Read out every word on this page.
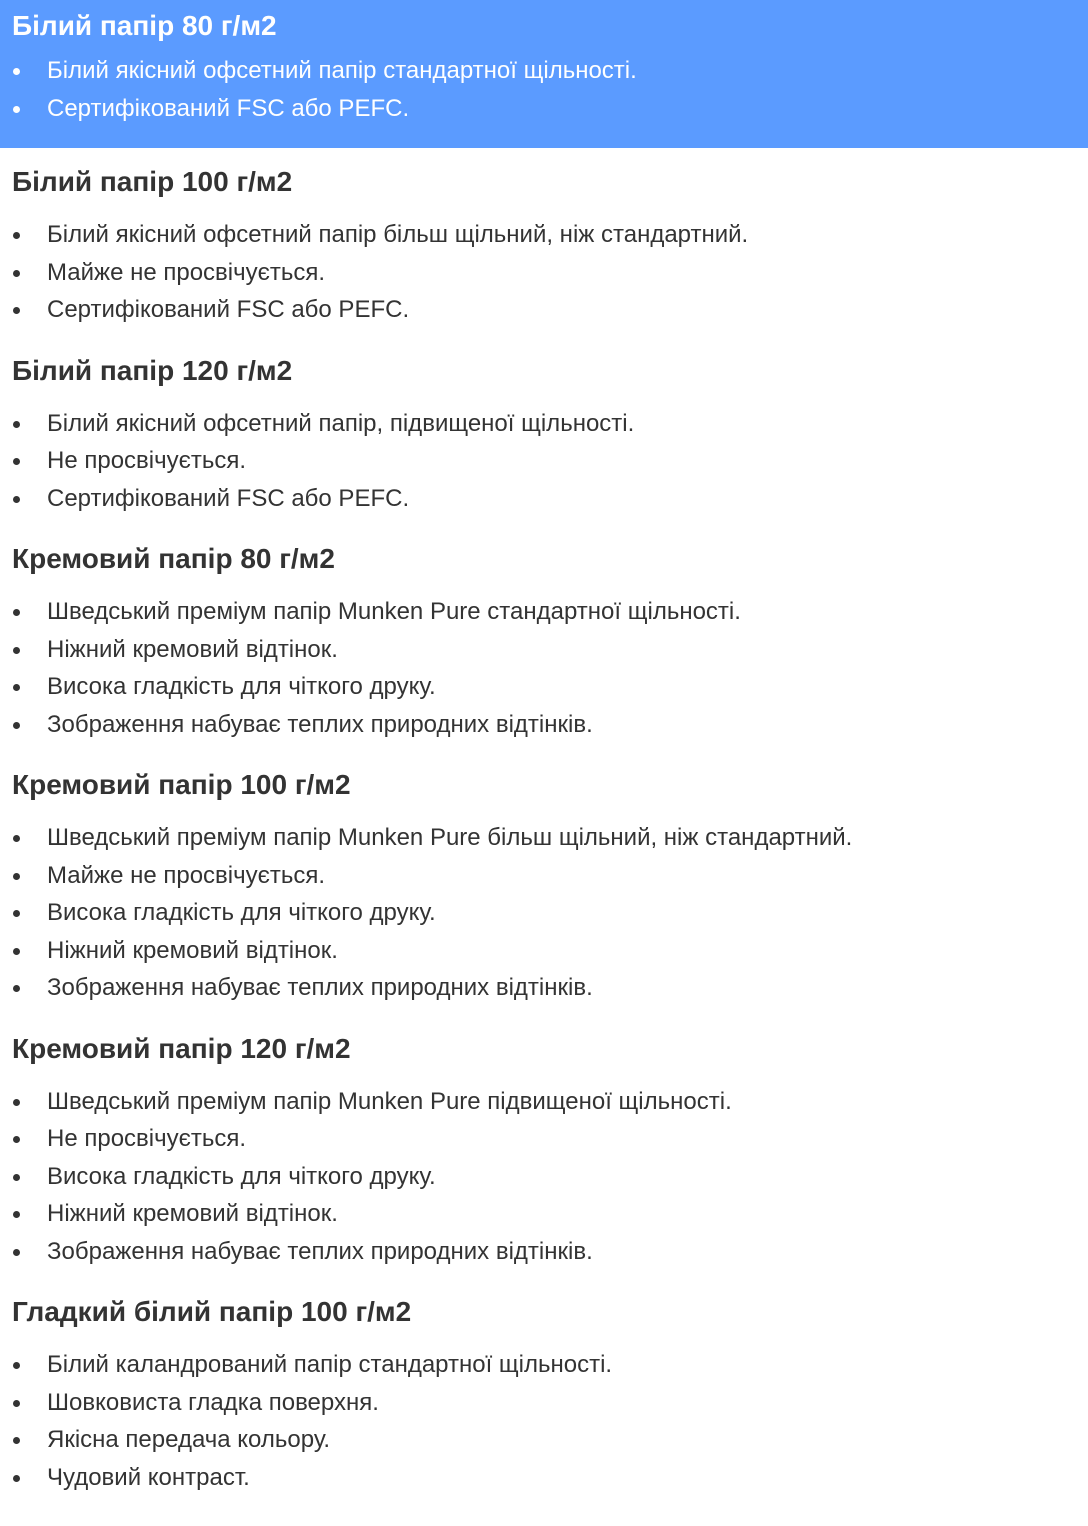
Білий папір 80 г/м2
Білий якісний офсетний папір стандартної щільності.
Сертифікований FSC або PEFC.
Білий папір 100 г/м2
Білий якісний офсетний папір більш щільний, ніж стандартний.
Майже не просвічується.
Сертифікований FSC або PEFC.
Білий папір 120 г/м2
Білий якісний офсетний папір, підвищеної щільності.
Не просвічується.
Сертифікований FSC або PEFC.
Кремовий папір 80 г/м2
Шведський преміум папір Munken Pure стандартної щільності.
Ніжний кремовий відтінок.
Висока гладкість для чіткого друку.
Зображення набуває теплих природних відтінків.
Кремовий папір 100 г/м2
Шведський преміум папір Munken Pure більш щільний, ніж стандартний.
Майже не просвічується.
Висока гладкість для чіткого друку.
Ніжний кремовий відтінок.
Зображення набуває теплих природних відтінків.
Кремовий папір 120 г/м2
Шведський преміум папір Munken Pure підвищеної щільності.
Не просвічується.
Висока гладкість для чіткого друку.
Ніжний кремовий відтінок.
Зображення набуває теплих природних відтінків.
Гладкий білий папір 100 г/м2
Білий каландрований папір стандартної щільності.
Шовковиста гладка поверхня.
Якісна передача кольору.
Чудовий контраст.
